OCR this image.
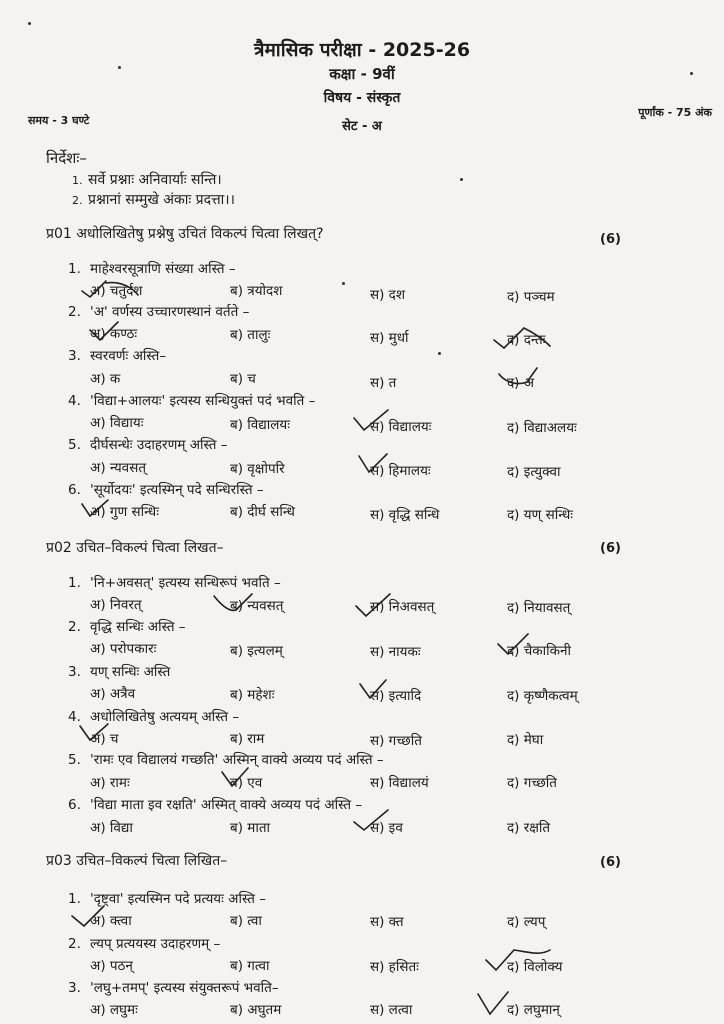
त्रैमासिक परीक्षा - 2025-26
कक्षा - 9वीं
विषय - संस्कृत
सेट - अ
समय - 3 घण्टे
पूर्णांक - 75 अंक
निर्देशः–
1. सर्वे प्रश्नाः अनिवार्याः सन्ति।
2. प्रश्नानां सम्मुखे अंकाः प्रदत्ता।।
प्र01 अधोलिखितेषु प्रश्नेषु उचितं विकल्पं चित्वा लिखत्?	(6)
1. माहेश्वरसूत्राणि संख्या अस्ति –
अ) चतुर्दश	ब) त्रयोदश	स) दश	द) पञ्चम
2. 'अ' वर्णस्य उच्चारणस्थानं वर्तते –
अ) कण्ठः	ब) तालुः	स) मुर्धा	द) दन्तः
3. स्वरवर्णः अस्ति–
अ) क	ब) च	स) त	द) अ
4. 'विद्या+आलयः' इत्यस्य सन्धियुक्तं पदं भवति –
अ) विद्यायः	ब) विद्यालयः	स) विद्यालयः	द) विद्याअलयः
5. दीर्घसन्धेः उदाहरणम् अस्ति –
अ) न्यवसत्	ब) वृक्षोपरि	स) हिमालयः	द) इत्युक्वा
6. 'सूर्योदयः' इत्यस्मिन् पदे सन्धिरस्ति –
अ) गुण सन्धिः	ब) दीर्घ सन्धि	स) वृद्धि सन्धि	द) यण् सन्धिः
प्र02 उचित–विकल्पं चित्वा लिखत–	(6)
1. 'नि+अवसत्' इत्यस्य सन्धिरूपं भवति –
अ) निवरत्	ब) न्यवसत्	स) निअवसत्	द) नियावसत्
2. वृद्धि सन्धिः अस्ति –
अ) परोपकारः	ब) इत्यलम्	स) नायकः	द) चैकाकिनी
3. यण् सन्धिः अस्ति
अ) अत्रैव	ब) महेशः	स) इत्यादि	द) कृष्णैकत्वम्
4. अधोलिखितेषु अत्ययम् अस्ति –
अ) च	ब) राम	स) गच्छति	द) मेघा
5. 'रामः एव विद्यालयं गच्छति' अस्मिन् वाक्ये अव्यय पदं अस्ति –
अ) रामः	ब) एव	स) विद्यालयं	द) गच्छति
6. 'विद्या माता इव रक्षति' अस्मित् वाक्ये अव्यय पदं अस्ति –
अ) विद्या	ब) माता	स) इव	द) रक्षति
प्र03 उचित–विकल्पं चित्वा लिखित–	(6)
1. 'दृष्ट्वा' इत्यस्मिन पदे प्रत्ययः अस्ति –
अ) क्त्वा	ब) त्वा	स) क्त	द) ल्यप्
2. ल्यप् प्रत्ययस्य उदाहरणम् –
अ) पठन्	ब) गत्वा	स) हसितः	द) विलोक्य
3. 'लघु+तमप्' इत्यस्य संयुक्तरूपं भवति–
अ) लघुमः	ब) अघुतम	स) लत्वा	द) लघुमान्
